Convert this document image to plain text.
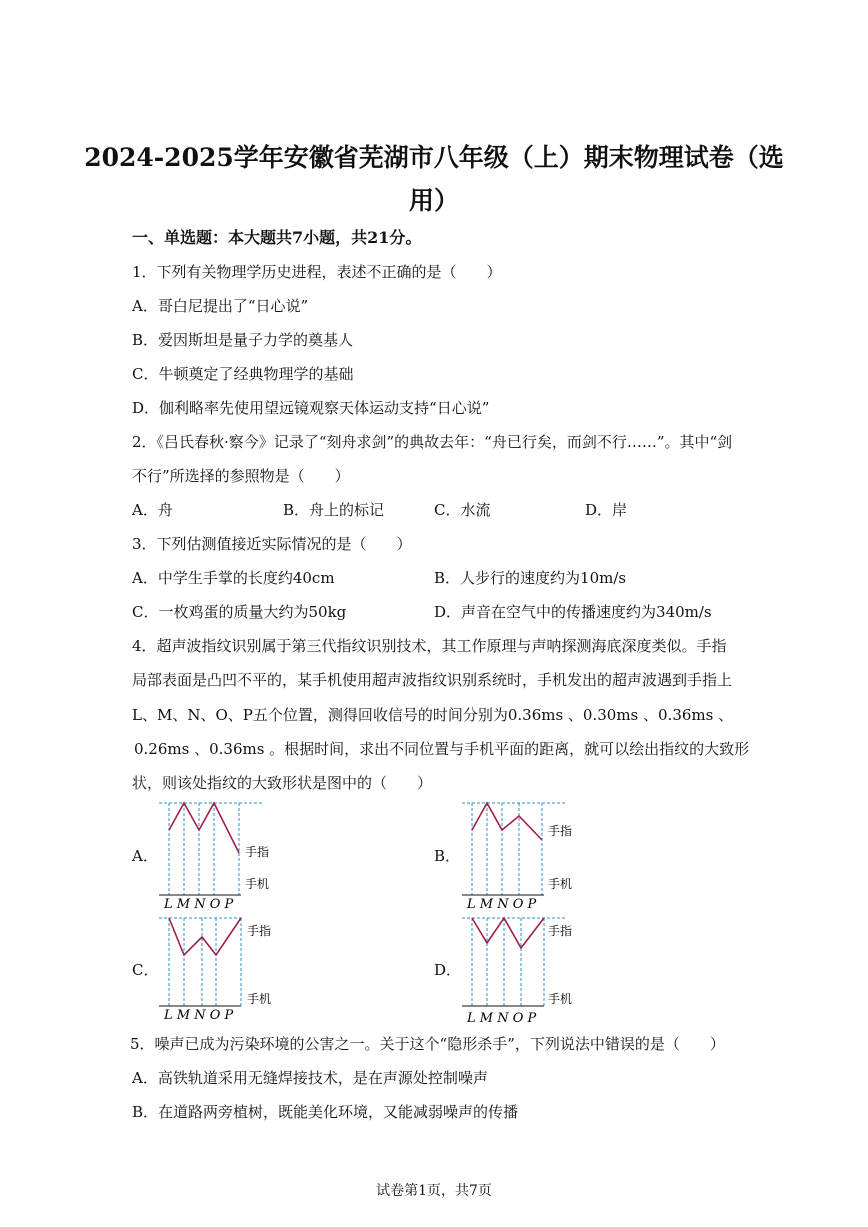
2024-2025学年安徽省芜湖市八年级（上）期末物理试卷（选
用）
一、单选题：本大题共7小题，共21分。
1．下列有关物理学历史进程，表述不正确的是（　　）
A．哥白尼提出了“日心说”
B．爱因斯坦是量子力学的奠基人
C．牛顿奠定了经典物理学的基础
D．伽利略率先使用望远镜观察天体运动支持“日心说”
2．《吕氏春秋·察今》记录了“刻舟求剑”的典故去年：“舟已行矣，而剑不行……”。其中“剑
不行”所选择的参照物是（　　）
A．舟	B．舟上的标记	C．水流	D．岸
3．下列估测值接近实际情况的是（　　）
A．中学生手掌的长度约40cm	B．人步行的速度约为10m/s
C．一枚鸡蛋的质量大约为50kg	D．声音在空气中的传播速度约为340m/s
4．超声波指纹识别属于第三代指纹识别技术，其工作原理与声呐探测海底深度类似。手指
局部表面是凸凹不平的，某手机使用超声波指纹识别系统时，手机发出的超声波遇到手指上
L、M、N、O、P五个位置，测得回收信号的时间分别为0.36ms 、0.30ms 、0.36ms 、
0.26ms 、0.36ms 。根据时间，求出不同位置与手机平面的距离，就可以绘出指纹的大致形
状，则该处指纹的大致形状是图中的（　　）
A．	B．
C．	D．
手指
手机
L M N O P
手指
手机
L M N O P
手指
手机
L M N O P
手指
手机
L M N O P
5．噪声已成为污染环境的公害之一。关于这个“隐形杀手”，下列说法中错误的是（　　）
A．高铁轨道采用无缝焊接技术，是在声源处控制噪声
B．在道路两旁植树，既能美化环境，又能减弱噪声的传播
试卷第1页，共7页
